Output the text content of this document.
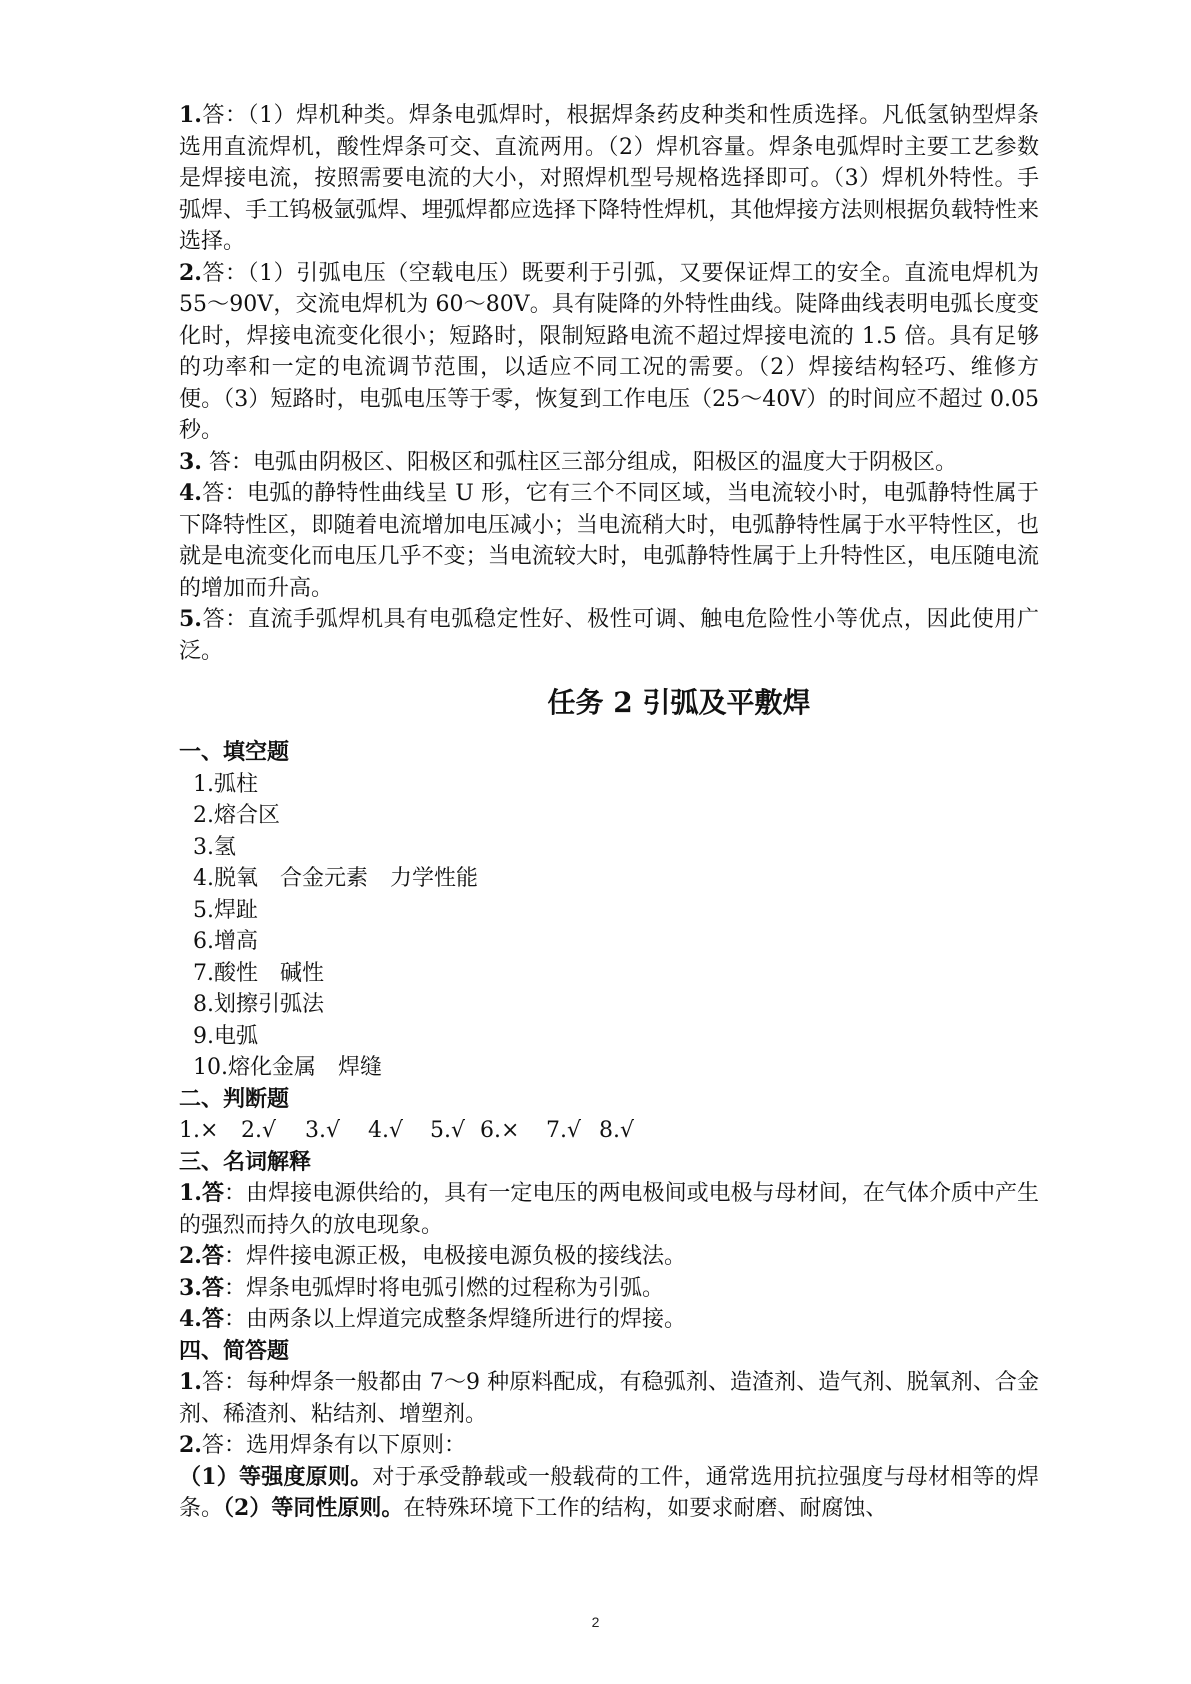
1.答：（1）焊机种类。焊条电弧焊时，根据焊条药皮种类和性质选择。凡低氢钠型焊条选用直流焊机，酸性焊条可交、直流两用。（2）焊机容量。焊条电弧焊时主要工艺参数是焊接电流，按照需要电流的大小，对照焊机型号规格选择即可。（3）焊机外特性。手弧焊、手工钨极氩弧焊、埋弧焊都应选择下降特性焊机，其他焊接方法则根据负载特性来选择。

2.答：（1）引弧电压（空载电压）既要利于引弧，又要保证焊工的安全。直流电焊机为 55～90V，交流电焊机为 60～80V。具有陡降的外特性曲线。陡降曲线表明电弧长度变化时，焊接电流变化很小；短路时，限制短路电流不超过焊接电流的 1.5 倍。具有足够的功率和一定的电流调节范围，以适应不同工况的需要。（2）焊接结构轻巧、维修方便。（3）短路时，电弧电压等于零，恢复到工作电压（25～40V）的时间应不超过 0.05 秒。

3. 答：电弧由阴极区、阳极区和弧柱区三部分组成，阳极区的温度大于阴极区。

4.答：电弧的静特性曲线呈 U 形，它有三个不同区域，当电流较小时，电弧静特性属于下降特性区，即随着电流增加电压减小；当电流稍大时，电弧静特性属于水平特性区，也就是电流变化而电压几乎不变；当电流较大时，电弧静特性属于上升特性区，电压随电流的增加而升高。

5.答：直流手弧焊机具有电弧稳定性好、极性可调、触电危险性小等优点，因此使用广泛。

任务 2 引弧及平敷焊

一、填空题

1.弧柱
2.熔合区
3.氢
4.脱氧　合金元素　力学性能
5.焊趾
6.增高
7.酸性　碱性
8.划擦引弧法
9.电弧
10.熔化金属　焊缝

二、判断题

1.×	2.√	3.√	4.√	5.√ 6.×	7.√ 8.√

三、名词解释

1.答：由焊接电源供给的，具有一定电压的两电极间或电极与母材间，在气体介质中产生的强烈而持久的放电现象。

2.答：焊件接电源正极，电极接电源负极的接线法。

3.答：焊条电弧焊时将电弧引燃的过程称为引弧。

4.答：由两条以上焊道完成整条焊缝所进行的焊接。

四、简答题

1.答：每种焊条一般都由 7～9 种原料配成，有稳弧剂、造渣剂、造气剂、脱氧剂、合金剂、稀渣剂、粘结剂、增塑剂。

2.答：选用焊条有以下原则：

（1）等强度原则。对于承受静载或一般载荷的工件，通常选用抗拉强度与母材相等的焊条。（2）等同性原则。在特殊环境下工作的结构，如要求耐磨、耐腐蚀、

2
